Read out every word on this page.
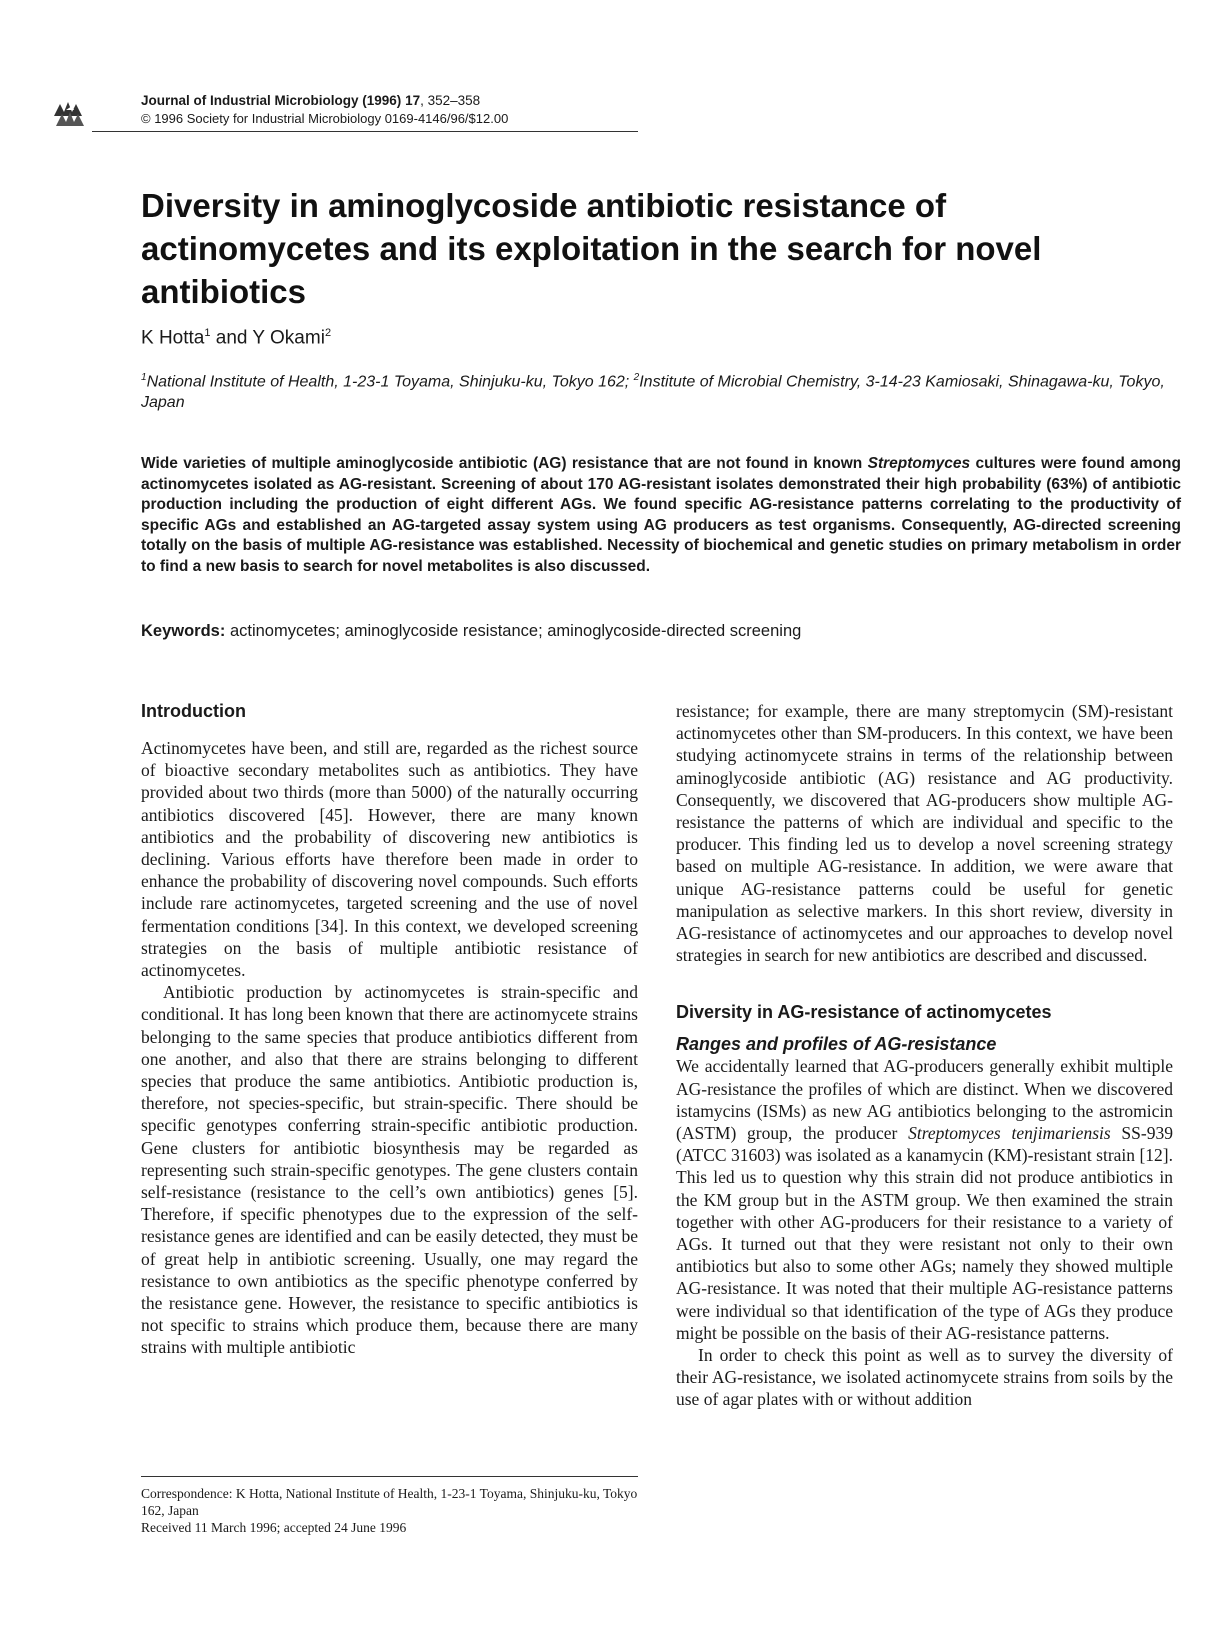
Journal of Industrial Microbiology (1996) 17, 352–358
© 1996 Society for Industrial Microbiology 0169-4146/96/$12.00
Diversity in aminoglycoside antibiotic resistance of actinomycetes and its exploitation in the search for novel antibiotics
K Hotta$^1$ and Y Okami$^2$
$^1$National Institute of Health, 1-23-1 Toyama, Shinjuku-ku, Tokyo 162; $^2$Institute of Microbial Chemistry, 3-14-23 Kamiosaki, Shinagawa-ku, Tokyo, Japan

Wide varieties of multiple aminoglycoside antibiotic (AG) resistance that are not found in known Streptomyces cultures were found among actinomycetes isolated as AG-resistant. Screening of about 170 AG-resistant isolates demonstrated their high probability (63%) of antibiotic production including the production of eight different AGs. We found specific AG-resistance patterns correlating to the productivity of specific AGs and established an AG-targeted assay system using AG producers as test organisms. Consequently, AG-directed screening totally on the basis of multiple AG-resistance was established. Necessity of biochemical and genetic studies on primary metabolism in order to find a new basis to search for novel metabolites is also discussed.

Keywords: actinomycetes; aminoglycoside resistance; aminoglycoside-directed screening
Introduction

Actinomycetes have been, and still are, regarded as the richest source of bioactive secondary metabolites such as antibiotics. They have provided about two thirds (more than 5000) of the naturally occurring antibiotics discovered [45]. However, there are many known antibiotics and the probability of discovering new antibiotics is declining. Various efforts have therefore been made in order to enhance the probability of discovering novel compounds. Such efforts include rare actinomycetes, targeted screening and the use of novel fermentation conditions [34]. In this context, we developed screening strategies on the basis of multiple antibiotic resistance of actinomycetes.

Antibiotic production by actinomycetes is strain-specific and conditional. It has long been known that there are actinomycete strains belonging to the same species that produce antibiotics different from one another, and also that there are strains belonging to different species that produce the same antibiotics. Antibiotic production is, therefore, not species-specific, but strain-specific. There should be specific genotypes conferring strain-specific antibiotic production. Gene clusters for antibiotic biosynthesis may be regarded as representing such strain-specific genotypes. The gene clusters contain self-resistance (resistance to the cell’s own antibiotics) genes [5]. Therefore, if specific phenotypes due to the expression of the self-resistance genes are identified and can be easily detected, they must be of great help in antibiotic screening. Usually, one may regard the resistance to own antibiotics as the specific phenotype conferred by the resistance gene. However, the resistance to specific antibiotics is not specific to strains which produce them, because there are many strains with multiple antibiotic

resistance; for example, there are many streptomycin (SM)-resistant actinomycetes other than SM-producers. In this context, we have been studying actinomycete strains in terms of the relationship between aminoglycoside antibiotic (AG) resistance and AG productivity. Consequently, we discovered that AG-producers show multiple AG-resistance the patterns of which are individual and specific to the producer. This finding led us to develop a novel screening strategy based on multiple AG-resistance. In addition, we were aware that unique AG-resistance patterns could be useful for genetic manipulation as selective markers. In this short review, diversity in AG-resistance of actinomycetes and our approaches to develop novel strategies in search for new antibiotics are described and discussed.

Diversity in AG-resistance of actinomycetes
Ranges and profiles of AG-resistance

We accidentally learned that AG-producers generally exhibit multiple AG-resistance the profiles of which are distinct. When we discovered istamycins (ISMs) as new AG antibiotics belonging to the astromicin (ASTM) group, the producer Streptomyces tenjimariensis SS-939 (ATCC 31603) was isolated as a kanamycin (KM)-resistant strain [12]. This led us to question why this strain did not produce antibiotics in the KM group but in the ASTM group. We then examined the strain together with other AG-producers for their resistance to a variety of AGs. It turned out that they were resistant not only to their own antibiotics but also to some other AGs; namely they showed multiple AG-resistance. It was noted that their multiple AG-resistance patterns were individual so that identification of the type of AGs they produce might be possible on the basis of their AG-resistance patterns.

In order to check this point as well as to survey the diversity of their AG-resistance, we isolated actinomycete strains from soils by the use of agar plates with or without addition

Correspondence: K Hotta, National Institute of Health, 1-23-1 Toyama, Shinjuku-ku, Tokyo 162, Japan
Received 11 March 1996; accepted 24 June 1996
